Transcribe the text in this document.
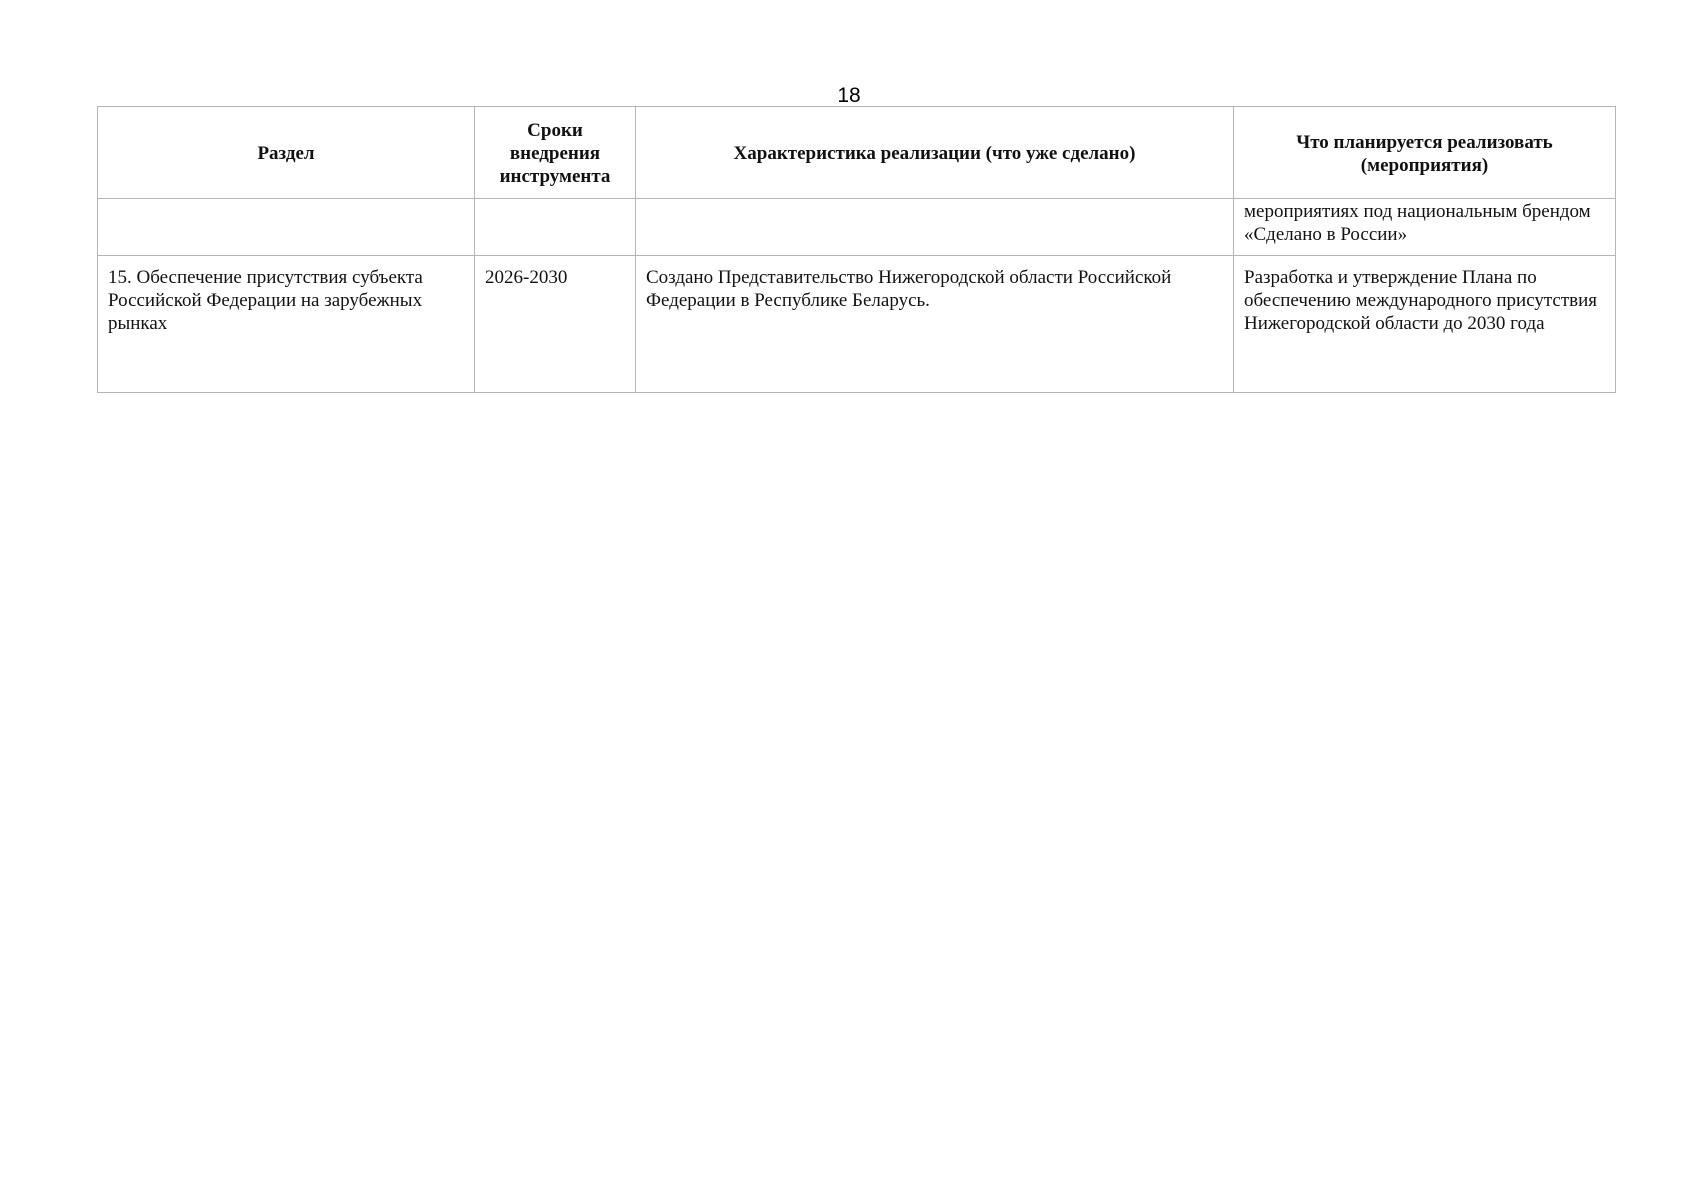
18
Раздел	Сроки внедрения инструмента	Характеристика реализации (что уже сделано)	Что планируется реализовать (мероприятия)
			мероприятиях под национальным брендом «Сделано в России»
15. Обеспечение присутствия субъекта Российской Федерации на зарубежных рынках	2026-2030	Создано Представительство Нижегородской области Российской Федерации в Республике Беларусь.	Разработка и утверждение Плана по обеспечению международного присутствия Нижегородской области до 2030 года
